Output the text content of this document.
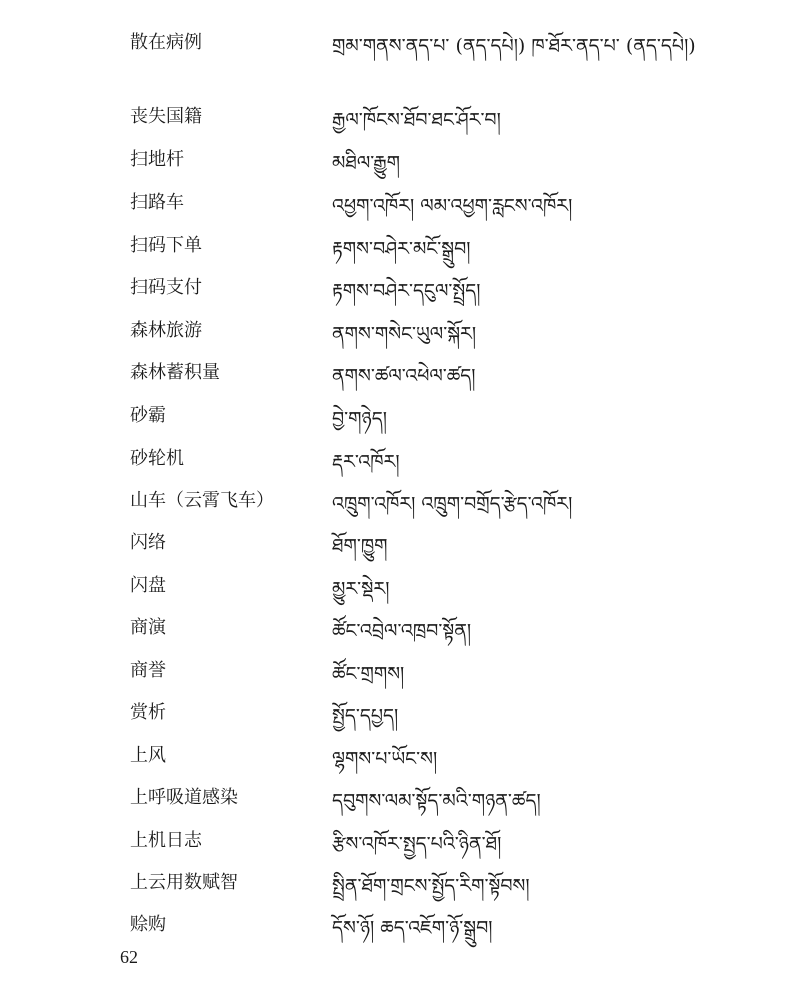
散在病例	གྲམ་གནས་ནད་པ་ (ནད་དཔེ།) ཁ་ཐོར་ནད་པ་ (ནད་དཔེ།)
丧失国籍	རྒྱལ་ཁོངས་ཐོབ་ཐང་ཤོར་བ།
扫地杆	མཐིལ་རྒྱུག
扫路车	འཕྱག་འཁོར། ལམ་འཕྱག་རླངས་འཁོར།
扫码下单	རྟགས་བཤེར་མངོ་སྒྲུབ།
扫码支付	རྟགས་བཤེར་དངུལ་སྤྲོད།
森林旅游	ནགས་གསེང་ཡུལ་སྐོར།
森林蓄积量	ནགས་ཚལ་འཕེལ་ཚད།
砂霸	བྱེ་གཉེད།
砂轮机	རྡར་འཁོར།
山车（云霄飞车）	འཁྲུག་འཁོར། འཁྲུག་བགྲོད་རྩེད་འཁོར།
闪络	ཐོག་ཁྱུག
闪盘	མྱུར་སྡེར།
商演	ཚོང་འབྲེལ་འཁྲབ་སྟོན།
商誉	ཚོང་གྲགས།
赏析	སྤྱོད་དཔྱད།
上风	ལྷགས་པ་ཡོང་ས།
上呼吸道感染	དབུགས་ལམ་སྟོད་མའི་གཉན་ཚད།
上机日志	རྩིས་འཁོར་སྤྱད་པའི་ཉིན་ཐོ།
上云用数赋智	སྤྲིན་ཐོག་གྲངས་སྤྱོད་རིག་སྟོབས།
赊购	དོས་ཉོ། ཆད་འཇོག་ཉོ་སྒྲུབ།
62
